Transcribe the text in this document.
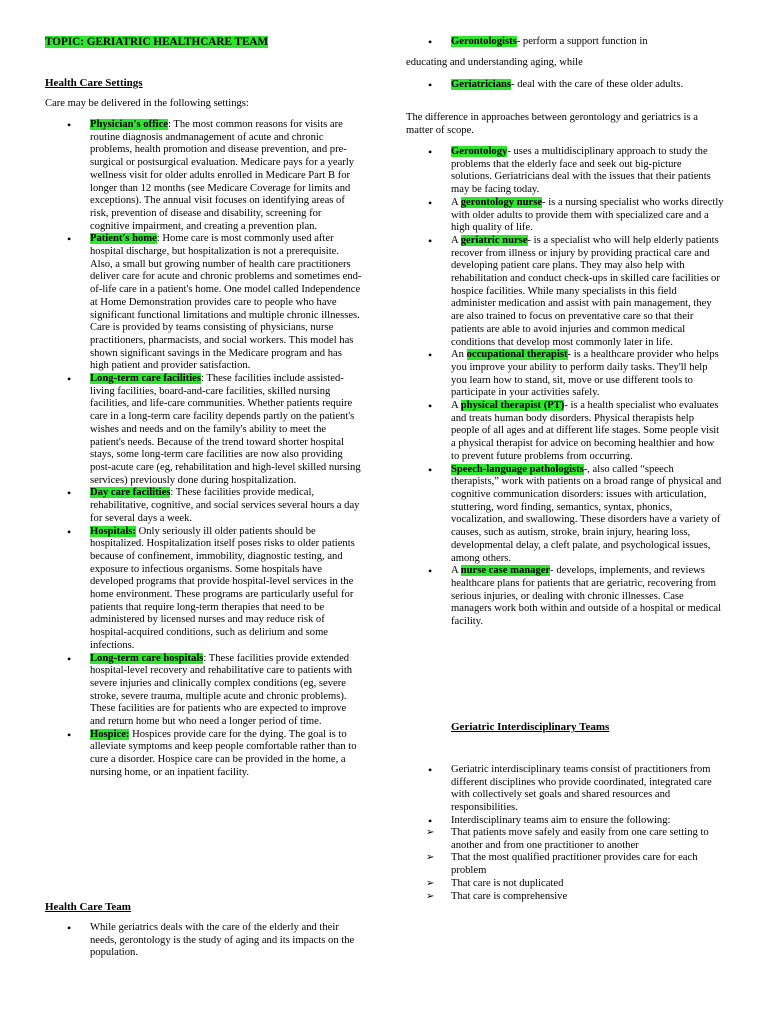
TOPIC: GERIATRIC HEALTHCARE TEAM
Health Care Settings

Care may be delivered in the following settings:

• Physician's office: The most common reasons for visits are routine diagnosis andmanagement of acute and chronic problems, health promotion and disease prevention, and pre-surgical or postsurgical evaluation. Medicare pays for a yearly wellness visit for older adults enrolled in Medicare Part B for longer than 12 months (see Medicare Coverage for limits and exceptions). The annual visit focuses on identifying areas of risk, prevention of disease and disability, screening for cognitive impairment, and creating a prevention plan.
• Patient's home: Home care is most commonly used after hospital discharge, but hospitalization is not a prerequisite. Also, a small but growing number of health care practitioners deliver care for acute and chronic problems and sometimes end-of-life care in a patient's home. One model called Independence at Home Demonstration provides care to people who have significant functional limitations and multiple chronic illnesses. Care is provided by teams consisting of physicians, nurse practitioners, pharmacists, and social workers. This model has shown significant savings in the Medicare program and has high patient and provider satisfaction.
• Long-term care facilities: These facilities include assisted-living facilities, board-and-care facilities, skilled nursing facilities, and life-care communities. Whether patients require care in a long-term care facility depends partly on the patient's wishes and needs and on the family's ability to meet the patient's needs. Because of the trend toward shorter hospital stays, some long-term care facilities are now also providing post-acute care (eg, rehabilitation and high-level skilled nursing services) previously done during hospitalization.
• Day care facilities: These facilities provide medical, rehabilitative, cognitive, and social services several hours a day for several days a week.
• Hospitals: Only seriously ill older patients should be hospitalized. Hospitalization itself poses risks to older patients because of confinement, immobility, diagnostic testing, and exposure to infectious organisms. Some hospitals have developed programs that provide hospital-level services in the home environment. These programs are particularly useful for patients that require long-term therapies that need to be administered by licensed nurses and may reduce risk of hospital-acquired conditions, such as delirium and some infections.
• Long-term care hospitals: These facilities provide extended hospital-level recovery and rehabilitative care to patients with severe injuries and clinically complex conditions (eg, severe stroke, severe trauma, multiple acute and chronic problems). These facilities are for patients who are expected to improve and return home but who need a longer period of time.
• Hospice: Hospices provide care for the dying. The goal is to alleviate symptoms and keep people comfortable rather than to cure a disorder. Hospice care can be provided in the home, a nursing home, or an inpatient facility.
Health Care Team
• While geriatrics deals with the care of the elderly and their needs, gerontology is the study of aging and its impacts on the population.
• Gerontologists- perform a support function in

educating and understanding aging, while

• Geriatricians- deal with the care of these older adults.

The difference in approaches between gerontology and geriatrics is a matter of scope.

• Gerontology- uses a multidisciplinary approach to study the problems that the elderly face and seek out big-picture solutions. Geriatricians deal with the issues that their patients may be facing today.
• A gerontology nurse- is a nursing specialist who works directly with older adults to provide them with specialized care and a high quality of life.
• A geriatric nurse- is a specialist who will help elderly patients recover from illness or injury by providing practical care and developing patient care plans. They may also help with rehabilitation and conduct check-ups in skilled care facilities or hospice facilities. While many specialists in this field administer medication and assist with pain management, they are also trained to focus on preventative care so that their patients are able to avoid injuries and common medical conditions that develop most commonly later in life.
• An occupational therapist- is a healthcare provider who helps you improve your ability to perform daily tasks. They'll help you learn how to stand, sit, move or use different tools to participate in your activities safely.
• A physical therapist (PT)- is a health specialist who evaluates and treats human body disorders. Physical therapists help people of all ages and at different life stages. Some people visit a physical therapist for advice on becoming healthier and how to prevent future problems from occurring.
• Speech-language pathologists-, also called “speech therapists,” work with patients on a broad range of physical and cognitive communication disorders: issues with articulation, stuttering, word finding, semantics, syntax, phonics, vocalization, and swallowing. These disorders have a variety of causes, such as autism, stroke, brain injury, hearing loss, developmental delay, a cleft palate, and psychological issues, among others.
• A nurse case manager- develops, implements, and reviews healthcare plans for patients that are geriatric, recovering from serious injuries, or dealing with chronic illnesses. Case managers work both within and outside of a hospital or medical facility.
Geriatric Interdisciplinary Teams
• Geriatric interdisciplinary teams consist of practitioners from different disciplines who provide coordinated, integrated care with collectively set goals and shared resources and responsibilities.
• Interdisciplinary teams aim to ensure the following:
➢ That patients move safely and easily from one care setting to another and from one practitioner to another
➢ That the most qualified practitioner provides care for each problem
➢ That care is not duplicated
➢ That care is comprehensive
